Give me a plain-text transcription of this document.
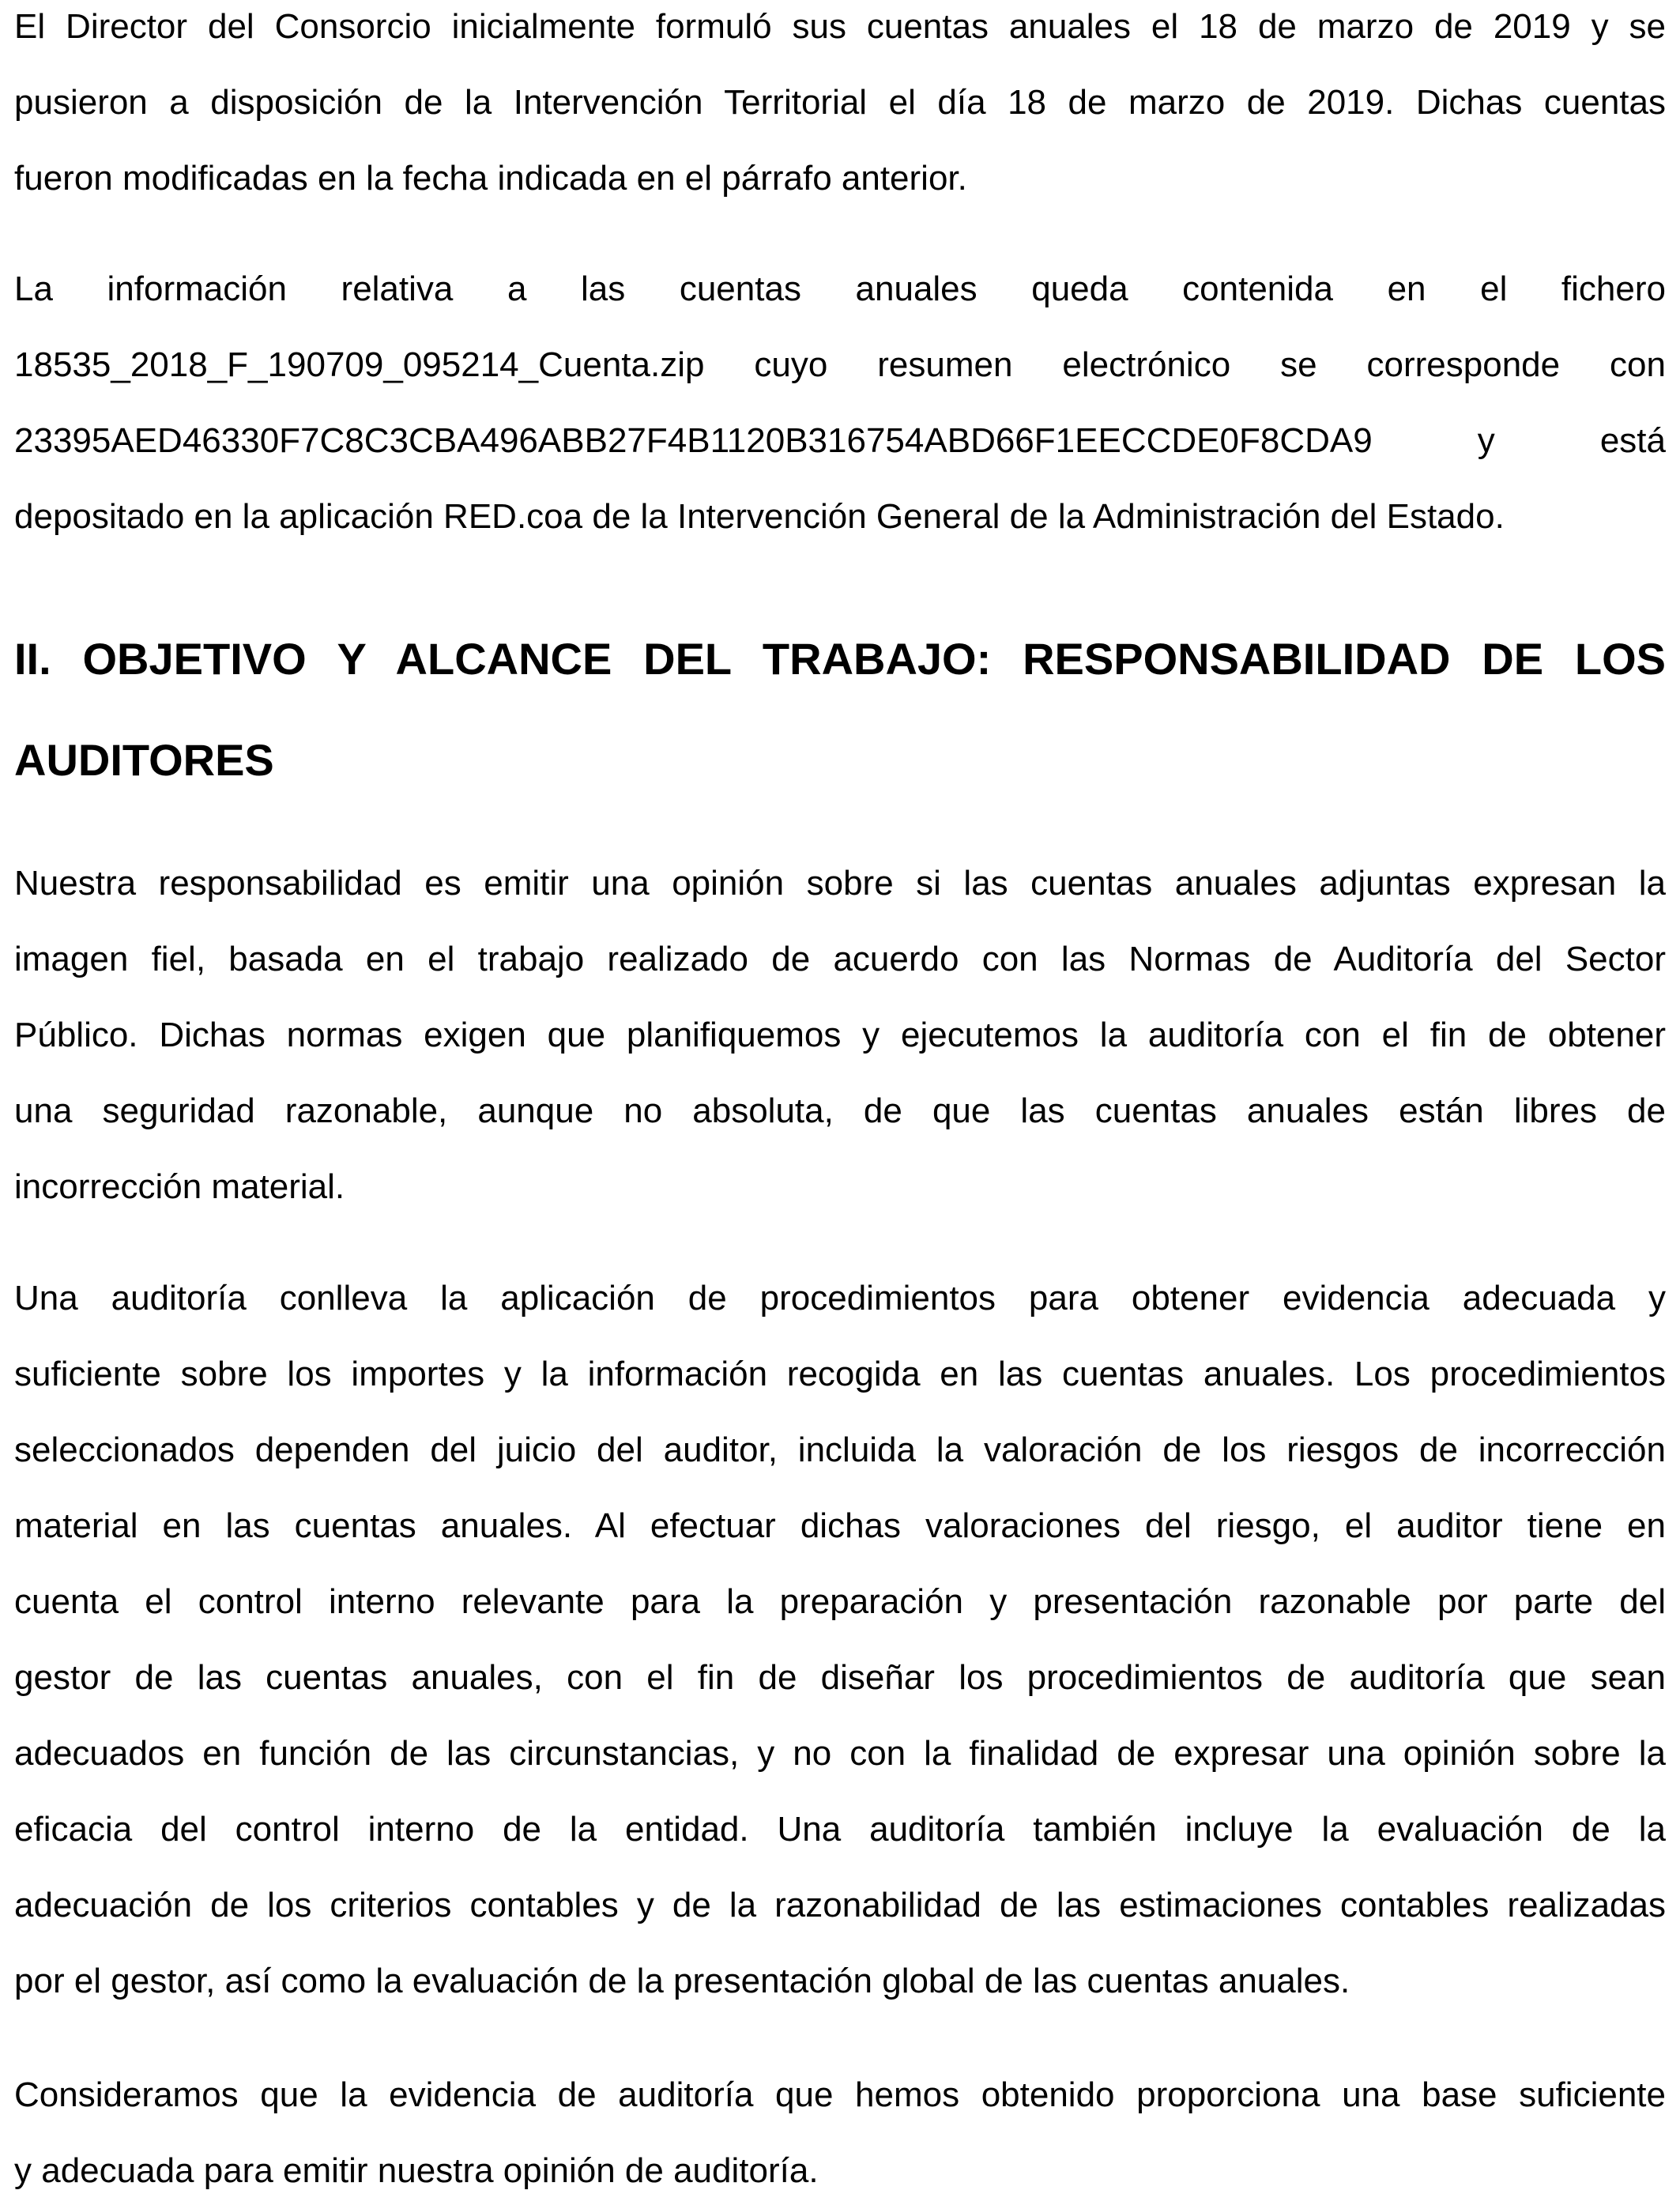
El Director del Consorcio inicialmente formuló sus cuentas anuales el 18 de marzo de 2019 y se
pusieron a disposición de la Intervención Territorial el día 18 de marzo de 2019. Dichas cuentas
fueron modificadas en la fecha indicada en el párrafo anterior.

La información relativa a las cuentas anuales queda contenida en el fichero
18535_2018_F_190709_095214_Cuenta.zip cuyo resumen electrónico se corresponde con
23395AED46330F7C8C3CBA496ABB27F4B1120B316754ABD66F1EECCDE0F8CDA9 y está
depositado en la aplicación RED.coa de la Intervención General de la Administración del Estado.

II. OBJETIVO Y ALCANCE DEL TRABAJO: RESPONSABILIDAD DE LOS
AUDITORES

Nuestra responsabilidad es emitir una opinión sobre si las cuentas anuales adjuntas expresan la
imagen fiel, basada en el trabajo realizado de acuerdo con las Normas de Auditoría del Sector
Público. Dichas normas exigen que planifiquemos y ejecutemos la auditoría con el fin de obtener
una seguridad razonable, aunque no absoluta, de que las cuentas anuales están libres de
incorrección material.

Una auditoría conlleva la aplicación de procedimientos para obtener evidencia adecuada y
suficiente sobre los importes y la información recogida en las cuentas anuales. Los procedimientos
seleccionados dependen del juicio del auditor, incluida la valoración de los riesgos de incorrección
material en las cuentas anuales. Al efectuar dichas valoraciones del riesgo, el auditor tiene en
cuenta el control interno relevante para la preparación y presentación razonable por parte del
gestor de las cuentas anuales, con el fin de diseñar los procedimientos de auditoría que sean
adecuados en función de las circunstancias, y no con la finalidad de expresar una opinión sobre la
eficacia del control interno de la entidad. Una auditoría también incluye la evaluación de la
adecuación de los criterios contables y de la razonabilidad de las estimaciones contables realizadas
por el gestor, así como la evaluación de la presentación global de las cuentas anuales.

Consideramos que la evidencia de auditoría que hemos obtenido proporciona una base suficiente
y adecuada para emitir nuestra opinión de auditoría.
